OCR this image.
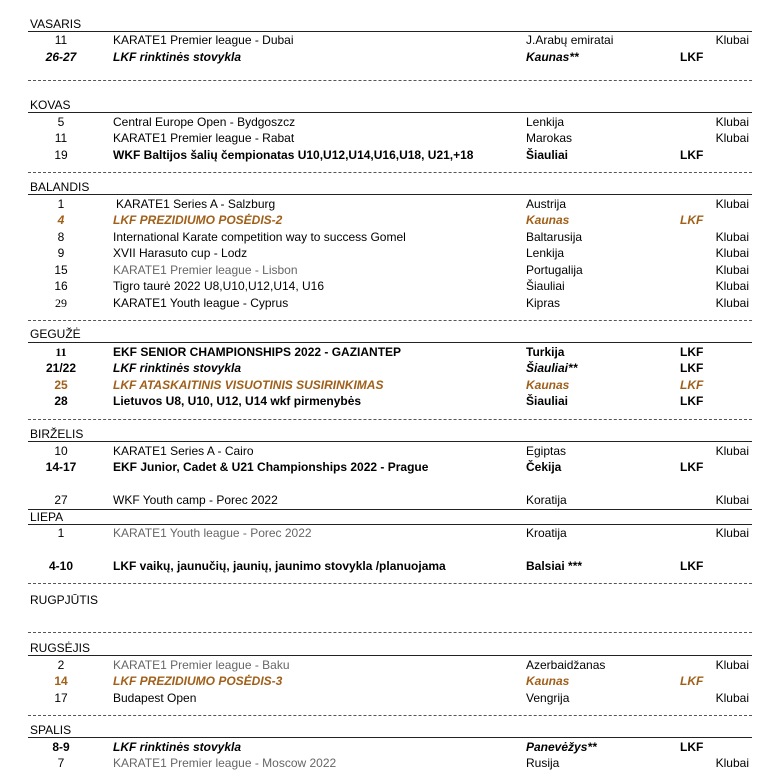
VASARIS
11	KARATE1 Premier league - Dubai	J.Arabų emiratai	Klubai
26-27	LKF rinktinės stovykla	Kaunas**	LKF
KOVAS
5	Central Europe Open - Bydgoszcz	Lenkija	Klubai
11	KARATE1 Premier league - Rabat	Marokas	Klubai
19	WKF Baltijos šalių čempionatas U10,U12,U14,U16,U18, U21,+18	Šiauliai	LKF
BALANDIS
1	KARATE1 Series A - Salzburg	Austrija	Klubai
4	LKF PREZIDIUMO POSĖDIS-2	Kaunas	LKF
8	International Karate competition way to success Gomel	Baltarusija	Klubai
9	XVII Harasuto cup - Lodz	Lenkija	Klubai
15	KARATE1 Premier league - Lisbon	Portugalija	Klubai
16	Tigro taurė 2022 U8,U10,U12,U14, U16	Šiauliai	Klubai
29	KARATE1 Youth league - Cyprus	Kipras	Klubai
GEGUŽĖ
11	EKF SENIOR CHAMPIONSHIPS 2022 - GAZIANTEP	Turkija	LKF
21/22	LKF rinktinės stovykla	Šiauliai**	LKF
25	LKF ATASKAITINIS VISUOTINIS SUSIRINKIMAS	Kaunas	LKF
28	Lietuvos U8, U10, U12, U14 wkf pirmenybės	Šiauliai	LKF
BIRŽELIS
10	KARATE1 Series A - Cairo	Egiptas	Klubai
14-17	EKF Junior, Cadet & U21 Championships 2022 - Prague	Čekija	LKF
27	WKF Youth camp - Porec 2022	Koratija	Klubai
LIEPA
1	KARATE1 Youth league - Porec 2022	Kroatija	Klubai
4-10	LKF vaikų, jaunučių, jaunių, jaunimo stovykla /planuojama	Balsiai ***	LKF
RUGPJŪTIS
RUGSĖJIS
2	KARATE1 Premier league - Baku	Azerbaidžanas	Klubai
14	LKF PREZIDIUMO POSĖDIS-3	Kaunas	LKF
17	Budapest Open	Vengrija	Klubai
SPALIS
8-9	LKF rinktinės stovykla	Panevėžys**	LKF
7	KARATE1 Premier league - Moscow 2022	Rusija	Klubai
